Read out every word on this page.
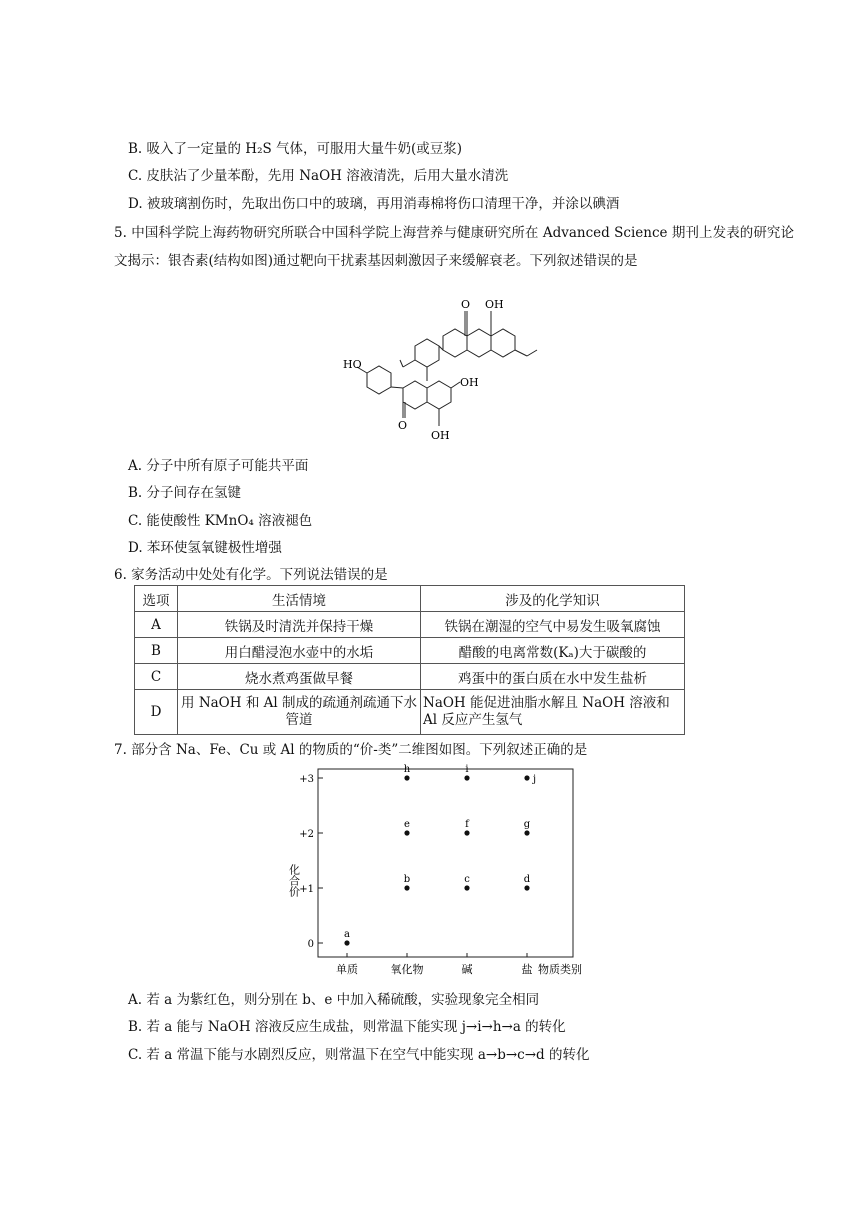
B. 吸入了一定量的 H₂S 气体，可服用大量牛奶(或豆浆)
C. 皮肤沾了少量苯酚，先用 NaOH 溶液清洗，后用大量水清洗
D. 被玻璃割伤时，先取出伤口中的玻璃，再用消毒棉将伤口清理干净，并涂以碘酒
5. 中国科学院上海药物研究所联合中国科学院上海营养与健康研究所在 Advanced Science 期刊上发表的研究论文揭示：银杏素(结构如图)通过靶向干扰素基因刺激因子来缓解衰老。下列叙述错误的是
O OH
HO
OH
OH
O
A. 分子中所有原子可能共平面
B. 分子间存在氢键
C. 能使酸性 KMnO₄ 溶液褪色
D. 苯环使氢氧键极性增强
6. 家务活动中处处有化学。下列说法错误的是
选项	生活情境	涉及的化学知识
A	铁锅及时清洗并保持干燥	铁锅在潮湿的空气中易发生吸氧腐蚀
B	用白醋浸泡水壶中的水垢	醋酸的电离常数(Kₐ)大于碳酸的
C	烧水煮鸡蛋做早餐	鸡蛋中的蛋白质在水中发生盐析
D	用 NaOH 和 Al 制成的疏通剂疏通下水管道	NaOH 能促进油脂水解且 NaOH 溶液和 Al 反应产生氢气
7. 部分含 Na、Fe、Cu 或 Al 的物质的“价-类”二维图如图。下列叙述正确的是
0
+1
+2
+3
单质	氧化物	碱	盐
a
b	c	d
e	f	g
h	i
j
化合价
物质类别
A. 若 a 为紫红色，则分别在 b、e 中加入稀硫酸，实验现象完全相同
B. 若 a 能与 NaOH 溶液反应生成盐，则常温下能实现 j→i→h→a 的转化
C. 若 a 常温下能与水剧烈反应，则常温下在空气中能实现 a→b→c→d 的转化
